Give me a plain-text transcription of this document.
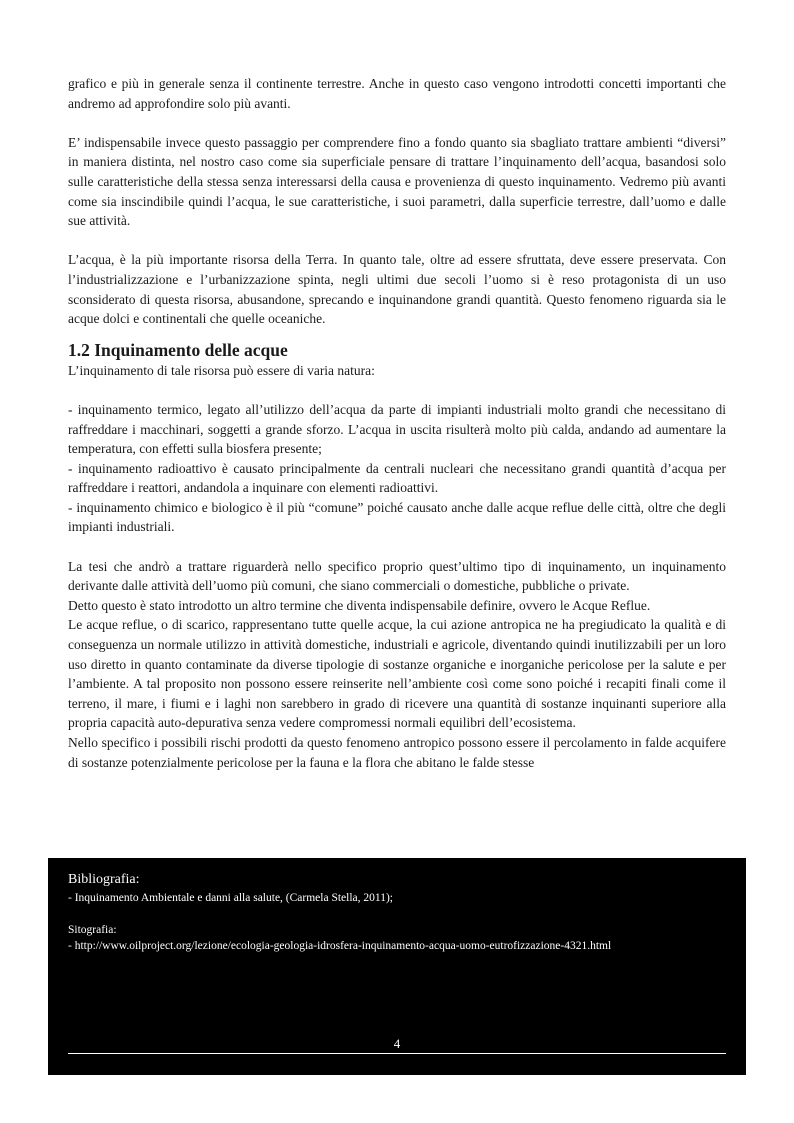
grafico e più in generale senza il continente terrestre. Anche in questo caso vengono introdotti concetti importanti che andremo ad approfondire solo più avanti.

E’ indispensabile invece questo passaggio per comprendere fino a fondo quanto sia sbagliato trattare ambienti “diversi” in maniera distinta, nel nostro caso come sia superficiale pensare di trattare l’inquinamento dell’acqua, basandosi solo sulle caratteristiche della stessa senza interessarsi della causa e provenienza di questo inquinamento. Vedremo più avanti come sia inscindibile quindi l’acqua, le sue caratteristiche, i suoi parametri, dalla superficie terrestre, dall’uomo e dalle sue attività.

L’acqua, è la più importante risorsa della Terra. In quanto tale, oltre ad essere sfruttata, deve essere preservata. Con l’industrializzazione e l’urbanizzazione spinta, negli ultimi due secoli l’uomo si è reso protagonista di un uso sconsiderato di questa risorsa, abusandone, sprecando e inquinandone grandi quantità. Questo fenomeno riguarda sia le acque dolci e continentali che quelle oceaniche.

1.2 Inquinamento delle acque

L’inquinamento di tale risorsa può essere di varia natura:

- inquinamento termico, legato all’utilizzo dell’acqua da parte di impianti industriali molto grandi che necessitano di raffreddare i macchinari, soggetti a grande sforzo. L’acqua in uscita risulterà molto più calda, andando ad aumentare la temperatura, con effetti sulla biosfera presente;

- inquinamento radioattivo è causato principalmente da centrali nucleari che necessitano grandi quantità d’acqua per raffreddare i reattori, andandola a inquinare con elementi radioattivi.

- inquinamento chimico e biologico è il più “comune” poiché causato anche dalle acque reflue delle città, oltre che degli impianti industriali.

La tesi che andrò a trattare riguarderà nello specifico proprio quest’ultimo tipo di inquinamento, un inquinamento derivante dalle attività dell’uomo più comuni, che siano commerciali o domestiche, pubbliche o private.

Detto questo è stato introdotto un altro termine che diventa indispensabile definire, ovvero le Acque Reflue.

Le acque reflue, o di scarico, rappresentano tutte quelle acque, la cui azione antropica ne ha pregiudicato la qualità e di conseguenza un normale utilizzo in attività domestiche, industriali e agricole, diventando quindi inutilizzabili per un loro uso diretto in quanto contaminate da diverse tipologie di sostanze organiche e inorganiche pericolose per la salute e per l’ambiente. A tal proposito non possono essere reinserite nell’ambiente così come sono poiché i recapiti finali come il terreno, il mare, i fiumi e i laghi non sarebbero in grado di ricevere una quantità di sostanze inquinanti superiore alla propria capacità auto-depurativa senza vedere compromessi normali equilibri dell’ecosistema.

Nello specifico i possibili rischi prodotti da questo fenomeno antropico possono essere il percolamento in falde acquifere di sostanze potenzialmente pericolose per la fauna e la flora che abitano le falde stesse

Bibliografia:
- Inquinamento Ambientale e danni alla salute, (Carmela Stella, 2011);
Sitografia:
- http://www.oilproject.org/lezione/ecologia-geologia-idrosfera-inquinamento-acqua-uomo-eutrofizzazione-4321.html
4
